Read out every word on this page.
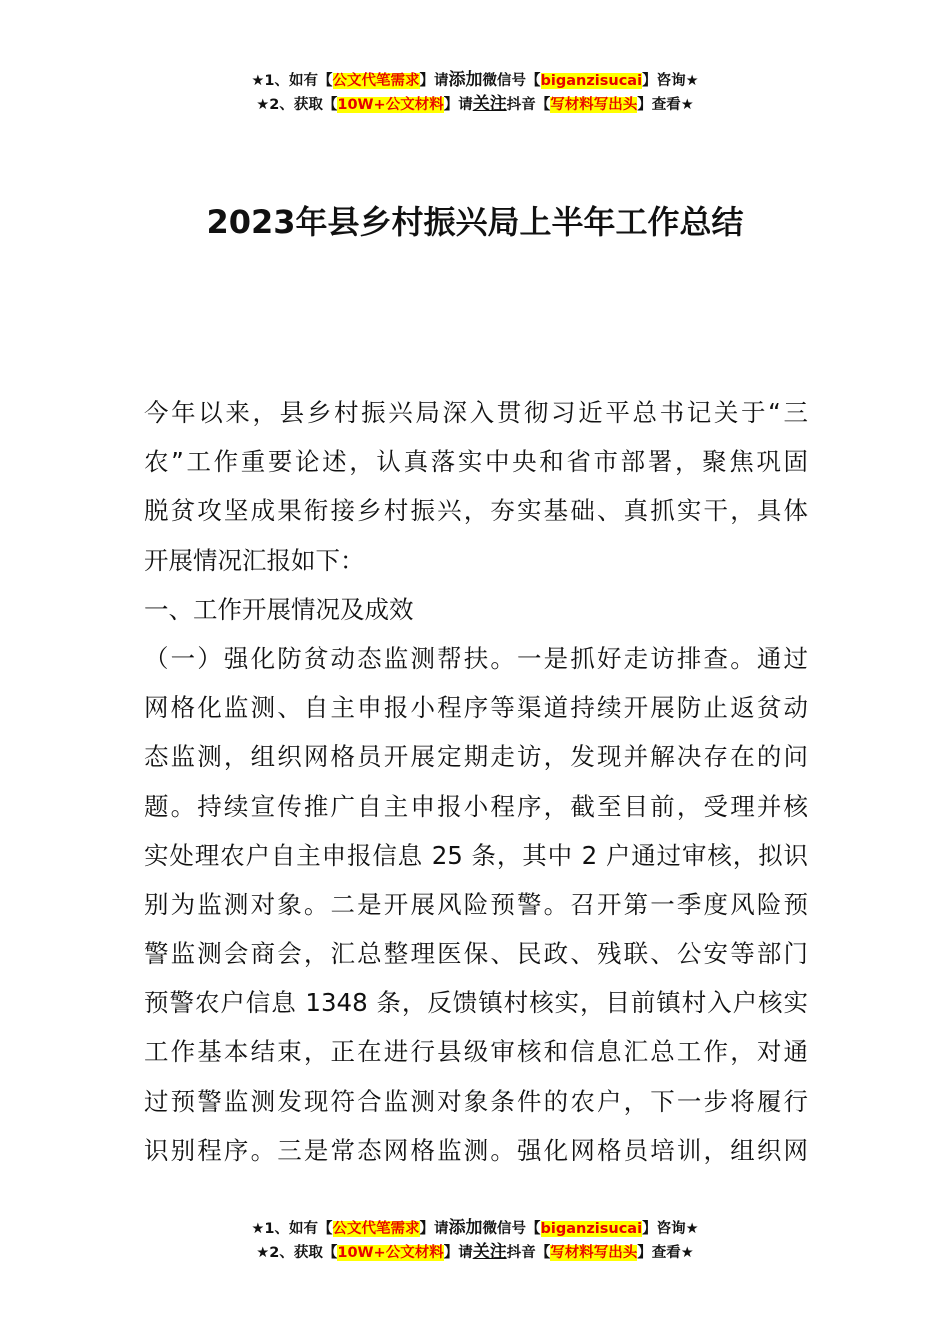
★1、如有【公文代笔需求】请添加微信号【biganzisucai】咨询★
★2、获取【10W+公文材料】请关注抖音【写材料写出头】查看★
2023年县乡村振兴局上半年工作总结
今年以来，县乡村振兴局深入贯彻习近平总书记关于“三
农”工作重要论述，认真落实中央和省市部署，聚焦巩固
脱贫攻坚成果衔接乡村振兴，夯实基础、真抓实干，具体
开展情况汇报如下：
一、工作开展情况及成效
（一）强化防贫动态监测帮扶。一是抓好走访排查。通过
网格化监测、自主申报小程序等渠道持续开展防止返贫动
态监测，组织网格员开展定期走访，发现并解决存在的问
题。持续宣传推广自主申报小程序，截至目前，受理并核
实处理农户自主申报信息 25 条，其中 2 户通过审核，拟识
别为监测对象。二是开展风险预警。召开第一季度风险预
警监测会商会，汇总整理医保、民政、残联、公安等部门
预警农户信息 1348 条，反馈镇村核实，目前镇村入户核实
工作基本结束，正在进行县级审核和信息汇总工作，对通
过预警监测发现符合监测对象条件的农户，下一步将履行
识别程序。三是常态网格监测。强化网格员培训，组织网
★1、如有【公文代笔需求】请添加微信号【biganzisucai】咨询★
★2、获取【10W+公文材料】请关注抖音【写材料写出头】查看★
